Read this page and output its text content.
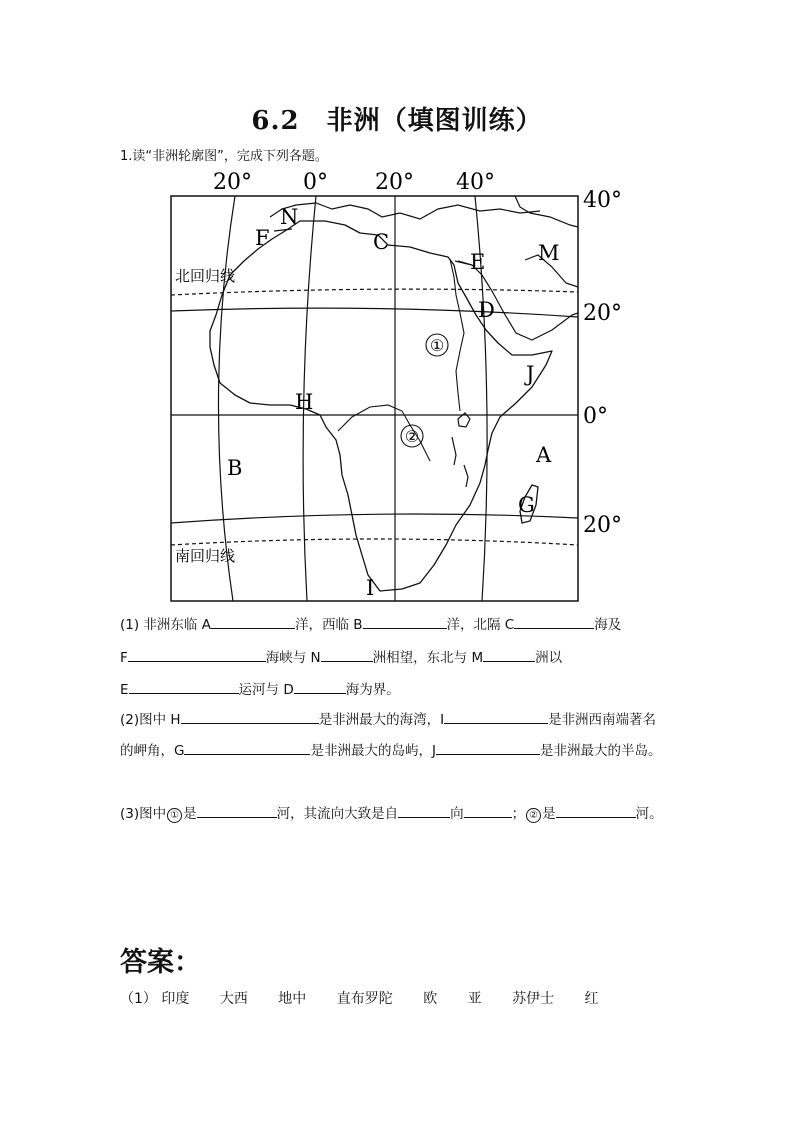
6.2　非洲（填图训练）
1.读“非洲轮廓图”，完成下列各题。
20° 0° 20° 40°
40°
20°
0°
20°
北回归线
南回归线
N
F	C
E	M
D
J
H
A
B
G
I
①
②
(1) 非洲东临 A	洋，西临 B	洋，北隔 C	海及
F	海峡与 N	洲相望，东北与 M	洲以
E	运河与 D	海为界。
(2)图中 H	是非洲最大的海湾，I	是非洲西南端著名
的岬角，G	是非洲最大的岛屿，J	是非洲最大的半岛。
(3)图中 ① 是	河，其流向大致是自	向	； ② 是	河。
答案：
（1） 印度 大西 地中 直布罗陀 欧 亚 苏伊士 红
